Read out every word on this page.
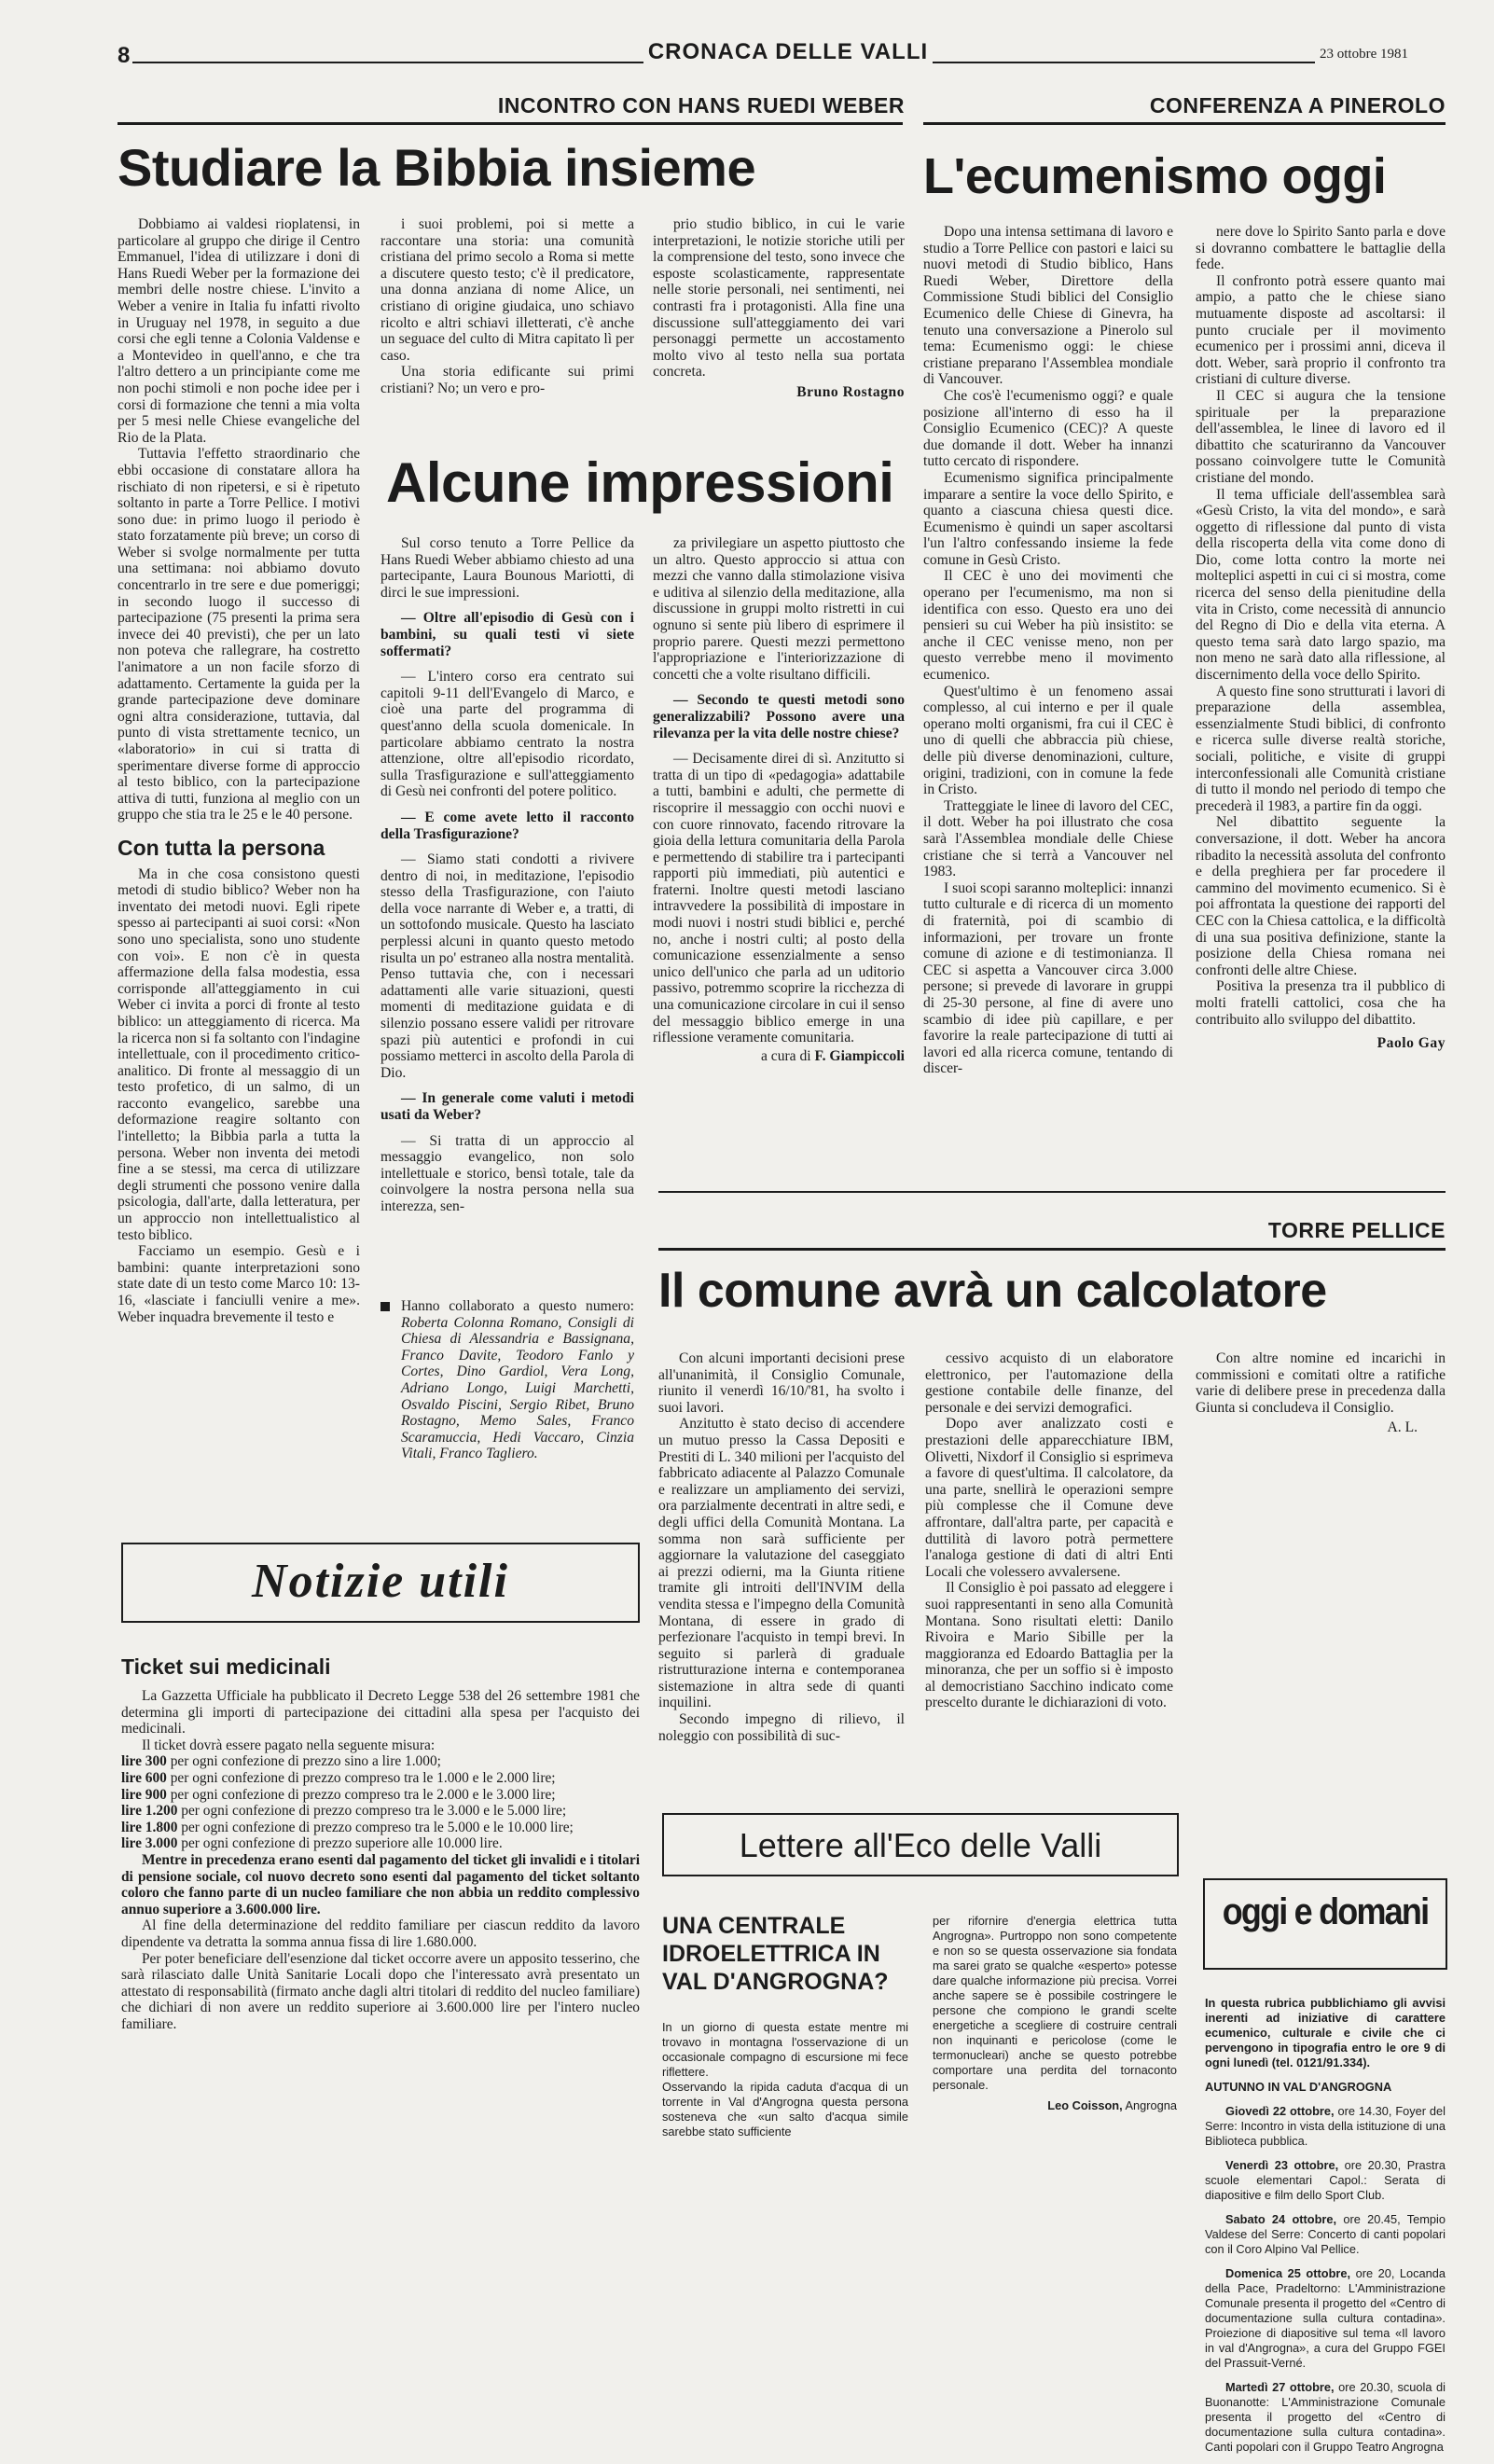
8	CRONACA DELLE VALLI	23 ottobre 1981
INCONTRO CON HANS RUEDI WEBER
Studiare la Bibbia insieme

Dobbiamo ai valdesi rioplatensi, in particolare al gruppo che dirige il Centro Emmanuel, l'idea di utilizzare i doni di Hans Ruedi Weber per la formazione dei membri delle nostre chiese. L'invito a Weber a venire in Italia fu infatti rivolto in Uruguay nel 1978, in seguito a due corsi che egli tenne a Colonia Valdense e a Montevideo in quell'anno, e che tra l'altro dettero a un principiante come me non pochi stimoli e non poche idee per i corsi di formazione che tenni a mia volta per 5 mesi nelle Chiese evangeliche del Rio de la Plata.

Tuttavia l'effetto straordinario che ebbi occasione di constatare allora ha rischiato di non ripetersi, e si è ripetuto soltanto in parte a Torre Pellice. I motivi sono due: in primo luogo il periodo è stato forzatamente più breve; un corso di Weber si svolge normalmente per tutta una settimana: noi abbiamo dovuto concentrarlo in tre sere e due pomeriggi; in secondo luogo il successo di partecipazione (75 presenti la prima sera invece dei 40 previsti), che per un lato non poteva che rallegrare, ha costretto l'animatore a un non facile sforzo di adattamento. Certamente la guida per la grande partecipazione deve dominare ogni altra considerazione, tuttavia, dal punto di vista strettamente tecnico, un «laboratorio» in cui si tratta di sperimentare diverse forme di approccio al testo biblico, con la partecipazione attiva di tutti, funziona al meglio con un gruppo che stia tra le 25 e le 40 persone.

Con tutta la persona

Ma in che cosa consistono questi metodi di studio biblico? Weber non ha inventato dei metodi nuovi. Egli ripete spesso ai partecipanti ai suoi corsi: «Non sono uno specialista, sono uno studente con voi». E non c'è in questa affermazione della falsa modestia, essa corrisponde all'atteggiamento in cui Weber ci invita a porci di fronte al testo biblico: un atteggiamento di ricerca. Ma la ricerca non si fa soltanto con l'indagine intellettuale, con il procedimento critico-analitico. Di fronte al messaggio di un testo profetico, di un salmo, di un racconto evangelico, sarebbe una deformazione reagire soltanto con l'intelletto; la Bibbia parla a tutta la persona. Weber non inventa dei metodi fine a se stessi, ma cerca di utilizzare degli strumenti che possono venire dalla psicologia, dall'arte, dalla letteratura, per un approccio non intellettualistico al testo biblico.

Facciamo un esempio. Gesù e i bambini: quante interpretazioni sono state date di un testo come Marco 10: 13-16, «lasciate i fanciulli venire a me». Weber inquadra brevemente il testo e

i suoi problemi, poi si mette a raccontare una storia: una comunità cristiana del primo secolo a Roma si mette a discutere questo testo; c'è il predicatore, una donna anziana di nome Alice, un cristiano di origine giudaica, uno schiavo ricolto e altri schiavi illetterati, c'è anche un seguace del culto di Mitra capitato lì per caso.

Una storia edificante sui primi cristiani? No; un vero e pro-

prio studio biblico, in cui le varie interpretazioni, le notizie storiche utili per la comprensione del testo, sono invece che esposte scolasticamente, rappresentate nelle storie personali, nei sentimenti, nei contrasti fra i protagonisti. Alla fine una discussione sull'atteggiamento dei vari personaggi permette un accostamento molto vivo al testo nella sua portata concreta.

Bruno Rostagno
Alcune impressioni

Sul corso tenuto a Torre Pellice da Hans Ruedi Weber abbiamo chiesto ad una partecipante, Laura Bounous Mariotti, di dirci le sue impressioni.

— Oltre all'episodio di Gesù con i bambini, su quali testi vi siete soffermati?

— L'intero corso era centrato sui capitoli 9-11 dell'Evangelo di Marco, e cioè una parte del programma di quest'anno della scuola domenicale. In particolare abbiamo centrato la nostra attenzione, oltre all'episodio ricordato, sulla Trasfigurazione e sull'atteggiamento di Gesù nei confronti del potere politico.

— E come avete letto il racconto della Trasfigurazione?

— Siamo stati condotti a rivivere dentro di noi, in meditazione, l'episodio stesso della Trasfigurazione, con l'aiuto della voce narrante di Weber e, a tratti, di un sottofondo musicale. Questo ha lasciato perplessi alcuni in quanto questo metodo risulta un po' estraneo alla nostra mentalità. Penso tuttavia che, con i necessari adattamenti alle varie situazioni, questi momenti di meditazione guidata e di silenzio possano essere validi per ritrovare spazi più autentici e profondi in cui possiamo metterci in ascolto della Parola di Dio.

— In generale come valuti i metodi usati da Weber?

— Si tratta di un approccio al messaggio evangelico, non solo intellettuale e storico, bensì totale, tale da coinvolgere la nostra persona nella sua interezza, sen-

za privilegiare un aspetto piuttosto che un altro. Questo approccio si attua con mezzi che vanno dalla stimolazione visiva e uditiva al silenzio della meditazione, alla discussione in gruppi molto ristretti in cui ognuno si sente più libero di esprimere il proprio parere. Questi mezzi permettono l'appropriazione e l'interiorizzazione di concetti che a volte risultano difficili.

— Secondo te questi metodi sono generalizzabili? Possono avere una rilevanza per la vita delle nostre chiese?

— Decisamente direi di sì. Anzitutto si tratta di un tipo di «pedagogia» adattabile a tutti, bambini e adulti, che permette di riscoprire il messaggio con occhi nuovi e con cuore rinnovato, facendo ritrovare la gioia della lettura comunitaria della Parola e permettendo di stabilire tra i partecipanti rapporti più immediati, più autentici e fraterni. Inoltre questi metodi lasciano intravvedere la possibilità di impostare in modi nuovi i nostri studi biblici e, perché no, anche i nostri culti; al posto della comunicazione essenzialmente a senso unico dell'unico che parla ad un uditorio passivo, potremmo scoprire la ricchezza di una comunicazione circolare in cui il senso del messaggio biblico emerge in una riflessione veramente comunitaria.

a cura di F. Giampiccoli
Hanno collaborato a questo numero: Roberta Colonna Romano, Consigli di Chiesa di Alessandria e Bassignana, Franco Davite, Teodoro Fanlo y Cortes, Dino Gardiol, Vera Long, Adriano Longo, Luigi Marchetti, Osvaldo Piscini, Sergio Ribet, Bruno Rostagno, Memo Sales, Franco Scaramuccia, Hedi Vaccaro, Cinzia Vitali, Franco Tagliero.
CONFERENZA A PINEROLO
L'ecumenismo oggi

Dopo una intensa settimana di lavoro e studio a Torre Pellice con pastori e laici su nuovi metodi di Studio biblico, Hans Ruedi Weber, Direttore della Commissione Studi biblici del Consiglio Ecumenico delle Chiese di Ginevra, ha tenuto una conversazione a Pinerolo sul tema: Ecumenismo oggi: le chiese cristiane preparano l'Assemblea mondiale di Vancouver.

Che cos'è l'ecumenismo oggi? e quale posizione all'interno di esso ha il Consiglio Ecumenico (CEC)? A queste due domande il dott. Weber ha innanzi tutto cercato di rispondere.

Ecumenismo significa principalmente imparare a sentire la voce dello Spirito, e quanto a ciascuna chiesa questi dice. Ecumenismo è quindi un saper ascoltarsi l'un l'altro confessando insieme la fede comune in Gesù Cristo.

Il CEC è uno dei movimenti che operano per l'ecumenismo, ma non si identifica con esso. Questo era uno dei pensieri su cui Weber ha più insistito: se anche il CEC venisse meno, non per questo verrebbe meno il movimento ecumenico.

Quest'ultimo è un fenomeno assai complesso, al cui interno e per il quale operano molti organismi, fra cui il CEC è uno di quelli che abbraccia più chiese, delle più diverse denominazioni, culture, origini, tradizioni, con in comune la fede in Cristo.

Tratteggiate le linee di lavoro del CEC, il dott. Weber ha poi illustrato che cosa sarà l'Assemblea mondiale delle Chiese cristiane che si terrà a Vancouver nel 1983.

I suoi scopi saranno molteplici: innanzi tutto culturale e di ricerca di un momento di fraternità, poi di scambio di informazioni, per trovare un fronte comune di azione e di testimonianza. Il CEC si aspetta a Vancouver circa 3.000 persone; si prevede di lavorare in gruppi di 25-30 persone, al fine di avere uno scambio di idee più capillare, e per favorire la reale partecipazione di tutti ai lavori ed alla ricerca comune, tentando di discer-

nere dove lo Spirito Santo parla e dove si dovranno combattere le battaglie della fede.

Il confronto potrà essere quanto mai ampio, a patto che le chiese siano mutuamente disposte ad ascoltarsi: il punto cruciale per il movimento ecumenico per i prossimi anni, diceva il dott. Weber, sarà proprio il confronto tra cristiani di culture diverse.

Il CEC si augura che la tensione spirituale per la preparazione dell'assemblea, le linee di lavoro ed il dibattito che scaturiranno da Vancouver possano coinvolgere tutte le Comunità cristiane del mondo.

Il tema ufficiale dell'assemblea sarà «Gesù Cristo, la vita del mondo», e sarà oggetto di riflessione dal punto di vista della riscoperta della vita come dono di Dio, come lotta contro la morte nei molteplici aspetti in cui ci si mostra, come ricerca del senso della pienitudine della vita in Cristo, come necessità di annuncio del Regno di Dio e della vita eterna. A questo tema sarà dato largo spazio, ma non meno ne sarà dato alla riflessione, al discernimento della voce dello Spirito.

A questo fine sono strutturati i lavori di preparazione della assemblea, essenzialmente Studi biblici, di confronto e ricerca sulle diverse realtà storiche, sociali, politiche, e visite di gruppi interconfessionali alle Comunità cristiane di tutto il mondo nel periodo di tempo che precederà il 1983, a partire fin da oggi.

Nel dibattito seguente la conversazione, il dott. Weber ha ancora ribadito la necessità assoluta del confronto e della preghiera per far procedere il cammino del movimento ecumenico. Si è poi affrontata la questione dei rapporti del CEC con la Chiesa cattolica, e la difficoltà di una sua positiva definizione, stante la posizione della Chiesa romana nei confronti delle altre Chiese.

Positiva la presenza tra il pubblico di molti fratelli cattolici, cosa che ha contribuito allo sviluppo del dibattito.

Paolo Gay
TORRE PELLICE
Il comune avrà un calcolatore

Con alcuni importanti decisioni prese all'unanimità, il Consiglio Comunale, riunito il venerdì 16/10/'81, ha svolto i suoi lavori.

Anzitutto è stato deciso di accendere un mutuo presso la Cassa Depositi e Prestiti di L. 340 milioni per l'acquisto del fabbricato adiacente al Palazzo Comunale e realizzare un ampliamento dei servizi, ora parzialmente decentrati in altre sedi, e degli uffici della Comunità Montana. La somma non sarà sufficiente per aggiornare la valutazione del caseggiato ai prezzi odierni, ma la Giunta ritiene tramite gli introiti dell'INVIM della vendita stessa e l'impegno della Comunità Montana, di essere in grado di perfezionare l'acquisto in tempi brevi. In seguito si parlerà di graduale ristrutturazione interna e contemporanea sistemazione in altra sede di quanti inquilini.

Secondo impegno di rilievo, il noleggio con possibilità di suc-

cessivo acquisto di un elaboratore elettronico, per l'automazione della gestione contabile delle finanze, del personale e dei servizi demografici.

Dopo aver analizzato costi e prestazioni delle apparecchiature IBM, Olivetti, Nixdorf il Consiglio si esprimeva a favore di quest'ultima. Il calcolatore, da una parte, snellirà le operazioni sempre più complesse che il Comune deve affrontare, dall'altra parte, per capacità e duttilità di lavoro potrà permettere l'analoga gestione di dati di altri Enti Locali che volessero avvalersene.

Il Consiglio è poi passato ad eleggere i suoi rappresentanti in seno alla Comunità Montana. Sono risultati eletti: Danilo Rivoira e Mario Sibille per la maggioranza ed Edoardo Battaglia per la minoranza, che per un soffio si è imposto al democristiano Sacchino indicato come prescelto durante le dichiarazioni di voto.

Con altre nomine ed incarichi in commissioni e comitati oltre a ratifiche varie di delibere prese in precedenza dalla Giunta si concludeva il Consiglio.

A. L.
Notizie utili
Ticket sui medicinali

La Gazzetta Ufficiale ha pubblicato il Decreto Legge 538 del 26 settembre 1981 che determina gli importi di partecipazione dei cittadini alla spesa per l'acquisto dei medicinali.

Il ticket dovrà essere pagato nella seguente misura:

lire 300 per ogni confezione di prezzo sino a lire 1.000;
lire 600 per ogni confezione di prezzo compreso tra le 1.000 e le 2.000 lire;
lire 900 per ogni confezione di prezzo compreso tra le 2.000 e le 3.000 lire;
lire 1.200 per ogni confezione di prezzo compreso tra le 3.000 e le 5.000 lire;
lire 1.800 per ogni confezione di prezzo compreso tra le 5.000 e le 10.000 lire;
lire 3.000 per ogni confezione di prezzo superiore alle 10.000 lire.

Mentre in precedenza erano esenti dal pagamento del ticket gli invalidi e i titolari di pensione sociale, col nuovo decreto sono esenti dal pagamento del ticket soltanto coloro che fanno parte di un nucleo familiare che non abbia un reddito complessivo annuo superiore a 3.600.000 lire.

Al fine della determinazione del reddito familiare per ciascun reddito da lavoro dipendente va detratta la somma annua fissa di lire 1.680.000.

Per poter beneficiare dell'esenzione dal ticket occorre avere un apposito tesserino, che sarà rilasciato dalle Unità Sanitarie Locali dopo che l'interessato avrà presentato un attestato di responsabilità (firmato anche dagli altri titolari di reddito del nucleo familiare) che dichiari di non avere un reddito superiore ai 3.600.000 lire per l'intero nucleo familiare.

Lettere all'Eco delle Valli
UNA CENTRALE IDROELETTRICA IN VAL D'ANGROGNA?
In un giorno di questa estate mentre mi trovavo in montagna l'osservazione di un occasionale compagno di escursione mi fece riflettere.
Osservando la ripida caduta d'acqua di un torrente in Val d'Angrogna questa persona sosteneva che «un salto d'acqua simile sarebbe stato sufficiente

per rifornire d'energia elettrica tutta Angrogna». Purtroppo non sono competente e non so se questa osservazione sia fondata ma sarei grato se qualche «esperto» potesse dare qualche informazione più precisa. Vorrei anche sapere se è possibile costringere le persone che compiono le grandi scelte energetiche a scegliere di costruire centrali non inquinanti e pericolose (come le termonucleari) anche se questo potrebbe comportare una perdita del tornaconto personale.

Leo Coisson, Angrogna
oggi e domani

In questa rubrica pubblichiamo gli avvisi inerenti ad iniziative di carattere ecumenico, culturale e civile che ci pervengono in tipografia entro le ore 9 di ogni lunedì (tel. 0121/91.334).

AUTUNNO IN VAL D'ANGROGNA

Giovedì 22 ottobre, ore 14.30, Foyer del Serre: Incontro in vista della istituzione di una Biblioteca pubblica.

Venerdì 23 ottobre, ore 20.30, Prastra scuole elementari Capol.: Serata di diapositive e film dello Sport Club.

Sabato 24 ottobre, ore 20.45, Tempio Valdese del Serre: Concerto di canti popolari con il Coro Alpino Val Pellice.

Domenica 25 ottobre, ore 20, Locanda della Pace, Pradeltorno: L'Amministrazione Comunale presenta il progetto del «Centro di documentazione sulla cultura contadina». Proiezione di diapositive sul tema «Il lavoro in val d'Angrogna», a cura del Gruppo FGEI del Prassuit-Verné.

Martedì 27 ottobre, ore 20.30, scuola di Buonanotte: L'Amministrazione Comunale presenta il progetto del «Centro di documentazione sulla cultura contadina». Canti popolari con il Gruppo Teatro Angrogna
